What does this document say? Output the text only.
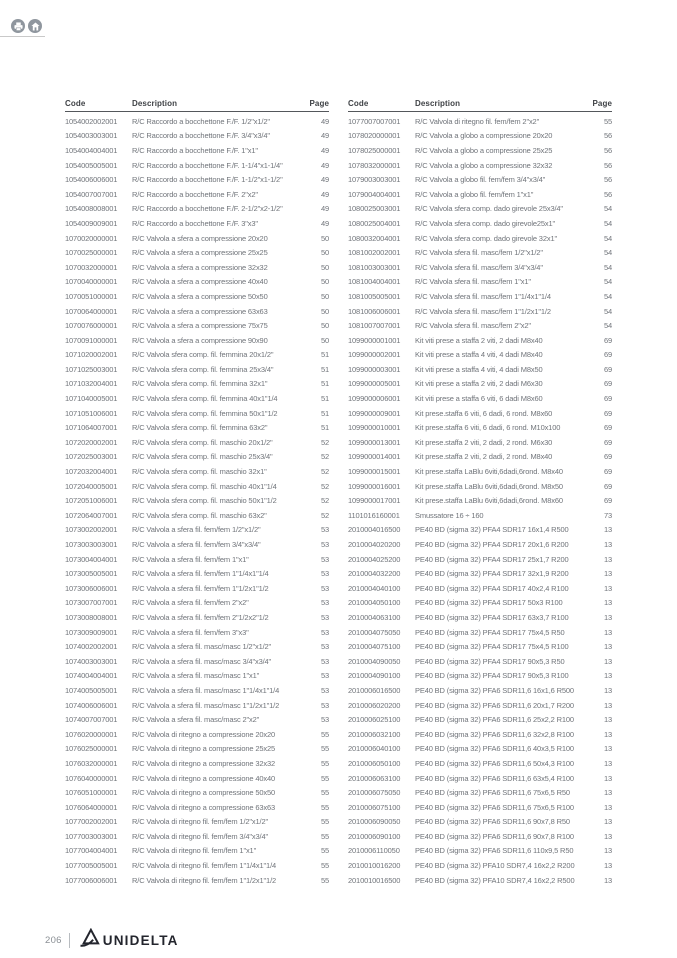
Code	Description	Page
1054002002001	R/C Raccordo a bocchettone F./F. 1/2"x1/2"	49
1054003003001	R/C Raccordo a bocchettone F./F. 3/4"x3/4"	49
1054004004001	R/C Raccordo a bocchettone F./F. 1"x1"	49
1054005005001	R/C Raccordo a bocchettone F./F. 1-1/4"x1-1/4"	49
1054006006001	R/C Raccordo a bocchettone F./F. 1-1/2"x1-1/2"	49
1054007007001	R/C Raccordo a bocchettone F./F. 2"x2"	49
1054008008001	R/C Raccordo a bocchettone F./F. 2-1/2"x2-1/2"	49
1054009009001	R/C Raccordo a bocchettone F./F. 3"x3"	49
1070020000001	R/C Valvola a sfera a compressione 20x20	50
1070025000001	R/C Valvola a sfera a compressione 25x25	50
1070032000001	R/C Valvola a sfera a compressione 32x32	50
1070040000001	R/C Valvola a sfera a compressione 40x40	50
1070051000001	R/C Valvola a sfera a compressione 50x50	50
1070064000001	R/C Valvola a sfera a compressione 63x63	50
1070076000001	R/C Valvola a sfera a compressione 75x75	50
1070091000001	R/C Valvola a sfera a compressione 90x90	50
1071020002001	R/C Valvola sfera comp. fil. femmina 20x1/2"	51
1071025003001	R/C Valvola sfera comp. fil. femmina 25x3/4"	51
1071032004001	R/C Valvola sfera comp. fil. femmina 32x1"	51
1071040005001	R/C Valvola sfera comp. fil. femmina 40x1"1/4	51
1071051006001	R/C Valvola sfera comp. fil. femmina 50x1"1/2	51
1071064007001	R/C Valvola sfera comp. fil. femmina 63x2"	51
1072020002001	R/C Valvola sfera comp. fil. maschio 20x1/2"	52
1072025003001	R/C Valvola sfera comp. fil. maschio 25x3/4"	52
1072032004001	R/C Valvola sfera comp. fil. maschio 32x1"	52
1072040005001	R/C Valvola sfera comp. fil. maschio 40x1"1/4	52
1072051006001	R/C Valvola sfera comp. fil. maschio 50x1"1/2	52
1072064007001	R/C Valvola sfera comp. fil. maschio 63x2"	52
1073002002001	R/C Valvola a sfera fil. fem/fem 1/2"x1/2"	53
1073003003001	R/C Valvola a sfera fil. fem/fem 3/4"x3/4"	53
1073004004001	R/C Valvola a sfera fil. fem/fem 1"x1"	53
1073005005001	R/C Valvola a sfera fil. fem/fem 1"1/4x1"1/4	53
1073006006001	R/C Valvola a sfera fil. fem/fem 1"1/2x1"1/2	53
1073007007001	R/C Valvola a sfera fil. fem/fem 2"x2"	53
1073008008001	R/C Valvola a sfera fil. fem/fem 2"1/2x2"1/2	53
1073009009001	R/C Valvola a sfera fil. fem/fem 3"x3"	53
1074002002001	R/C Valvola a sfera fil. masc/masc 1/2"x1/2"	53
1074003003001	R/C Valvola a sfera fil. masc/masc 3/4"x3/4"	53
1074004004001	R/C Valvola a sfera fil. masc/masc 1"x1"	53
1074005005001	R/C Valvola a sfera fil. masc/masc 1"1/4x1"1/4	53
1074006006001	R/C Valvola a sfera fil. masc/masc 1"1/2x1"1/2	53
1074007007001	R/C Valvola a sfera fil. masc/masc 2"x2"	53
1076020000001	R/C Valvola di ritegno a compressione 20x20	55
1076025000001	R/C Valvola di ritegno a compressione 25x25	55
1076032000001	R/C Valvola di ritegno a compressione 32x32	55
1076040000001	R/C Valvola di ritegno a compressione 40x40	55
1076051000001	R/C Valvola di ritegno a compressione 50x50	55
1076064000001	R/C Valvola di ritegno a compressione 63x63	55
1077002002001	R/C Valvola di ritegno fil. fem/fem 1/2"x1/2"	55
1077003003001	R/C Valvola di ritegno fil. fem/fem 3/4"x3/4"	55
1077004004001	R/C Valvola di ritegno fil. fem/fem 1"x1"	55
1077005005001	R/C Valvola di ritegno fil. fem/fem 1"1/4x1"1/4	55
1077006006001	R/C Valvola di ritegno fil. fem/fem 1"1/2x1"1/2	55
Code	Description	Page
1077007007001	R/C Valvola di ritegno fil. fem/fem 2"x2"	55
1078020000001	R/C Valvola a globo a compressione 20x20	56
1078025000001	R/C Valvola a globo a compressione 25x25	56
1078032000001	R/C Valvola a globo a compressione 32x32	56
1079003003001	R/C Valvola a globo fil. fem/fem 3/4"x3/4"	56
1079004004001	R/C Valvola a globo fil. fem/fem 1"x1"	56
1080025003001	R/C Valvola sfera comp. dado girevole 25x3/4"	54
1080025004001	R/C Valvola sfera comp. dado girevole25x1"	54
1080032004001	R/C Valvola sfera comp. dado girevole 32x1"	54
1081002002001	R/C Valvola sfera fil. masc/fem 1/2"x1/2"	54
1081003003001	R/C Valvola sfera fil. masc/fem 3/4"x3/4"	54
1081004004001	R/C Valvola sfera fil. masc/fem 1"x1"	54
1081005005001	R/C Valvola sfera fil. masc/fem 1"1/4x1"1/4	54
1081006006001	R/C Valvola sfera fil. masc/fem 1"1/2x1"1/2	54
1081007007001	R/C Valvola sfera fil. masc/fem 2"x2"	54
1099000001001	Kit viti prese a staffa 2 viti, 2 dadi M8x40	69
1099000002001	Kit viti prese a staffa 4 viti, 4 dadi M8x40	69
1099000003001	Kit viti prese a staffa 4 viti, 4 dadi M8x50	69
1099000005001	Kit viti prese a staffa 2 viti, 2 dadi M6x30	69
1099000006001	Kit viti prese a staffa 6 viti, 6 dadi M8x60	69
1099000009001	Kit prese.staffa 6 viti, 6 dadi, 6 rond. M8x60	69
1099000010001	Kit prese.staffa 6 viti, 6 dadi, 6 rond. M10x100	69
1099000013001	Kit prese.staffa 2 viti, 2 dadi, 2 rond. M6x30	69
1099000014001	Kit prese.staffa 2 viti, 2 dadi, 2 rond. M8x40	69
1099000015001	Kit prese.staffa LaBlu 6viti,6dadi,6rond. M8x40	69
1099000016001	Kit prese.staffa LaBlu 6viti,6dadi,6rond. M8x50	69
1099000017001	Kit prese.staffa LaBlu 6viti,6dadi,6rond. M8x60	69
1101016160001	Smussatore 16 ÷ 160	73
2010004016500	PE40 BD (sigma 32) PFA4 SDR17 16x1,4 R500	13
2010004020200	PE40 BD (sigma 32) PFA4 SDR17 20x1,6 R200	13
2010004025200	PE40 BD (sigma 32) PFA4 SDR17 25x1,7 R200	13
2010004032200	PE40 BD (sigma 32) PFA4 SDR17 32x1,9 R200	13
2010004040100	PE40 BD (sigma 32) PFA4 SDR17 40x2,4 R100	13
2010004050100	PE40 BD (sigma 32) PFA4 SDR17 50x3 R100	13
2010004063100	PE40 BD (sigma 32) PFA4 SDR17 63x3,7 R100	13
2010004075050	PE40 BD (sigma 32) PFA4 SDR17 75x4,5 R50	13
2010004075100	PE40 BD (sigma 32) PFA4 SDR17 75x4,5 R100	13
2010004090050	PE40 BD (sigma 32) PFA4 SDR17 90x5,3 R50	13
2010004090100	PE40 BD (sigma 32) PFA4 SDR17 90x5,3 R100	13
2010006016500	PE40 BD (sigma 32) PFA6 SDR11,6 16x1,6 R500	13
2010006020200	PE40 BD (sigma 32) PFA6 SDR11,6 20x1,7 R200	13
2010006025100	PE40 BD (sigma 32) PFA6 SDR11,6 25x2,2 R100	13
2010006032100	PE40 BD (sigma 32) PFA6 SDR11,6 32x2,8 R100	13
2010006040100	PE40 BD (sigma 32) PFA6 SDR11,6 40x3,5 R100	13
2010006050100	PE40 BD (sigma 32) PFA6 SDR11,6 50x4,3 R100	13
2010006063100	PE40 BD (sigma 32) PFA6 SDR11,6 63x5,4 R100	13
2010006075050	PE40 BD (sigma 32) PFA6 SDR11,6 75x6,5 R50	13
2010006075100	PE40 BD (sigma 32) PFA6 SDR11,6 75x6,5 R100	13
2010006090050	PE40 BD (sigma 32) PFA6 SDR11,6 90x7,8 R50	13
2010006090100	PE40 BD (sigma 32) PFA6 SDR11,6 90x7,8 R100	13
2010006110050	PE40 BD (sigma 32) PFA6 SDR11,6 110x9,5 R50	13
2010010016200	PE40 BD (sigma 32) PFA10 SDR7,4 16x2,2 R200	13
2010010016500	PE40 BD (sigma 32) PFA10 SDR7,4 16x2,2 R500	13
206	UNIDELTA
